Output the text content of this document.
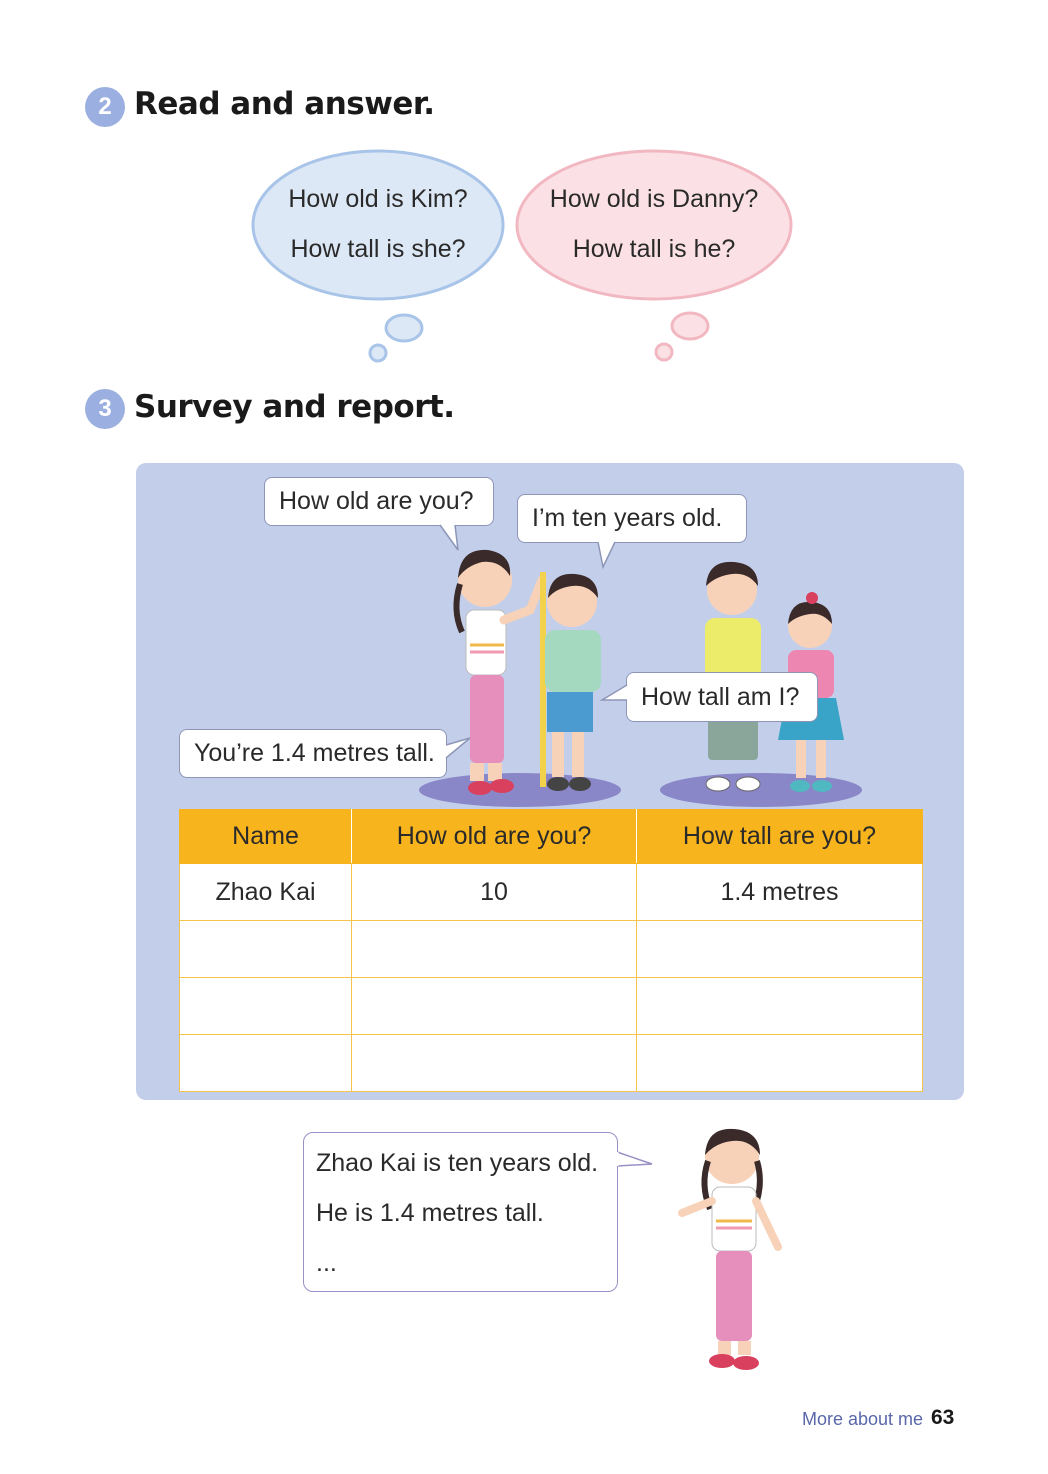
2 Read and answer.
How old is Kim?
How tall is she?
How old is Danny?
How tall is he?
3 Survey and report.
How old are you?
I’m ten years old.
How tall am I?
You’re 1.4 metres tall.
Name	How old are you?	How tall are you?
Zhao Kai	10	1.4 metres

Zhao Kai is ten years old.
He is 1.4 metres tall.
...
More about me 63
